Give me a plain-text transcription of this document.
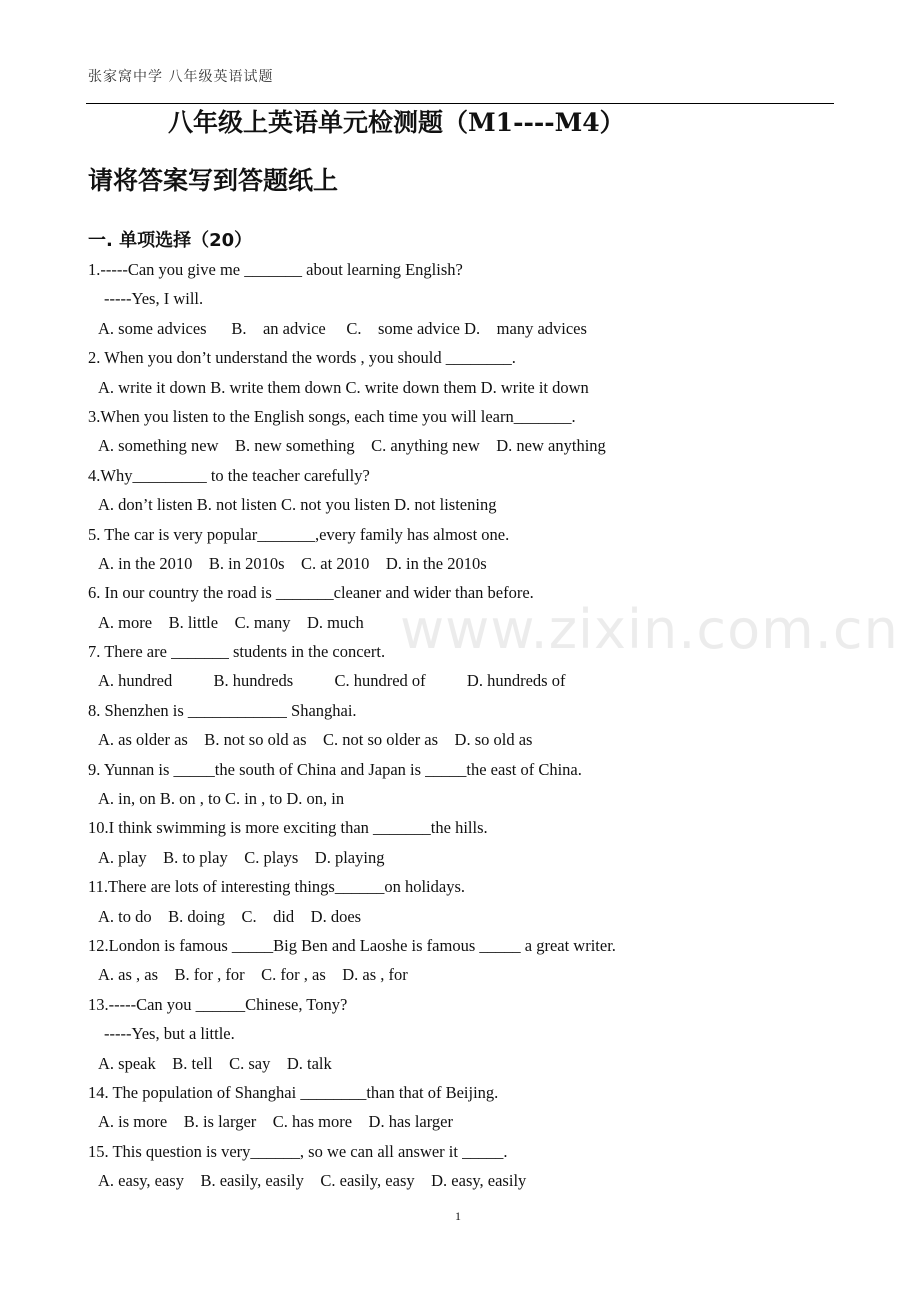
张家窝中学 八年级英语试题
八年级上英语单元检测题（M1----M4）
请将答案写到答题纸上
一. 单项选择（20）
1.-----Can you give me _______ about learning English?
-----Yes, I will.
A. some advices      B.    an advice     C.    some advice D.    many advices
2. When you don’t understand the words , you should ________.
A. write it down B. write them down C. write down them D. write it down
3.When you listen to the English songs, each time you will learn_______.
A. something new    B. new something    C. anything new    D. new anything
4.Why_________ to the teacher carefully?
A. don’t listen B. not listen C. not you listen D. not listening
5. The car is very popular_______,every family has almost one.
A. in the 2010    B. in 2010s    C. at 2010    D. in the 2010s
6. In our country the road is _______cleaner and wider than before.
A. more    B. little    C. many    D. much
7. There are _______ students in the concert.
A. hundred          B. hundreds          C. hundred of          D. hundreds of
8. Shenzhen is ____________ Shanghai.
A. as older as    B. not so old as    C. not so older as    D. so old as
9. Yunnan is _____the south of China and Japan is _____the east of China.
A. in, on B. on , to C. in , to D. on, in
10.I think swimming is more exciting than _______the hills.
A. play    B. to play    C. plays    D. playing
11.There are lots of interesting things______on holidays.
A. to do    B. doing    C.    did    D. does
12.London is famous _____Big Ben and Laoshe is famous _____ a great writer.
A. as , as    B. for , for    C. for , as    D. as , for
13.-----Can you ______Chinese, Tony?
-----Yes, but a little.
A. speak    B. tell    C. say    D. talk
14. The population of Shanghai ________than that of Beijing.
A. is more    B. is larger    C. has more    D. has larger
15. This question is very______, so we can all answer it _____.
A. easy, easy    B. easily, easily    C. easily, easy    D. easy, easily
www.zixin.com.cn
1
